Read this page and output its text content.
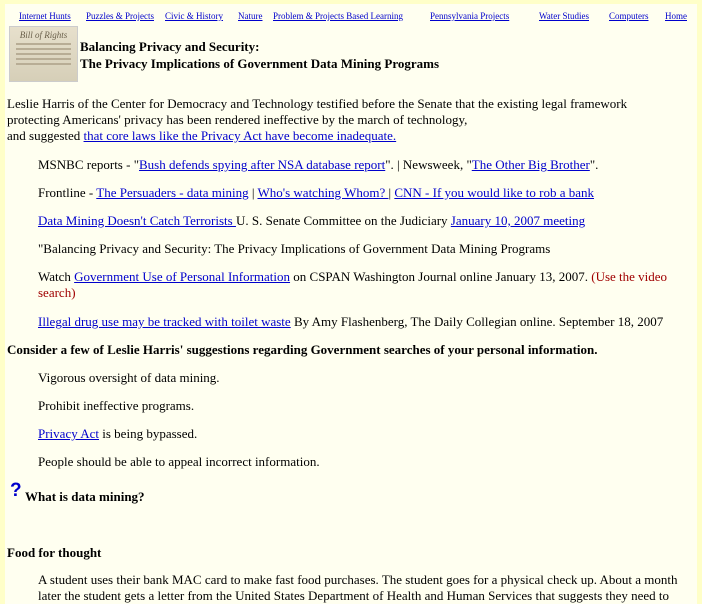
Internet Hunts Puzzles & Projects Civic & History Nature Problem & Projects Based Learning	Pennsylvania Projects	Water Studies Computers Home
Bill of Rights
Balancing Privacy and Security:
The Privacy Implications of Government Data Mining Programs
Leslie Harris of the Center for Democracy and Technology testified before the Senate that the existing legal framework
protecting Americans' privacy has been rendered ineffective by the march of technology,
and suggested that core laws like the Privacy Act have become inadequate.
MSNBC reports - "Bush defends spying after NSA database report". | Newsweek, "The Other Big Brother".
Frontline - The Persuaders - data mining | Who's watching Whom? | CNN - If you would like to rob a bank
Data Mining Doesn't Catch Terrorists U. S. Senate Committee on the Judiciary January 10, 2007 meeting
"Balancing Privacy and Security: The Privacy Implications of Government Data Mining Programs
Watch Government Use of Personal Information on CSPAN Washington Journal online January 13, 2007. (Use the video
search)
Illegal drug use may be tracked with toilet waste By Amy Flashenberg, The Daily Collegian online. September 18, 2007
Consider a few of Leslie Harris' suggestions regarding Government searches of your personal information.
Vigorous oversight of data mining.
Prohibit ineffective programs.
Privacy Act is being bypassed.
People should be able to appeal incorrect information.
? What is data mining?
Food for thought
A student uses their bank MAC card to make fast food purchases. The student goes for a physical check up. About a month
later the student gets a letter from the United States Department of Health and Human Services that suggests they need to
